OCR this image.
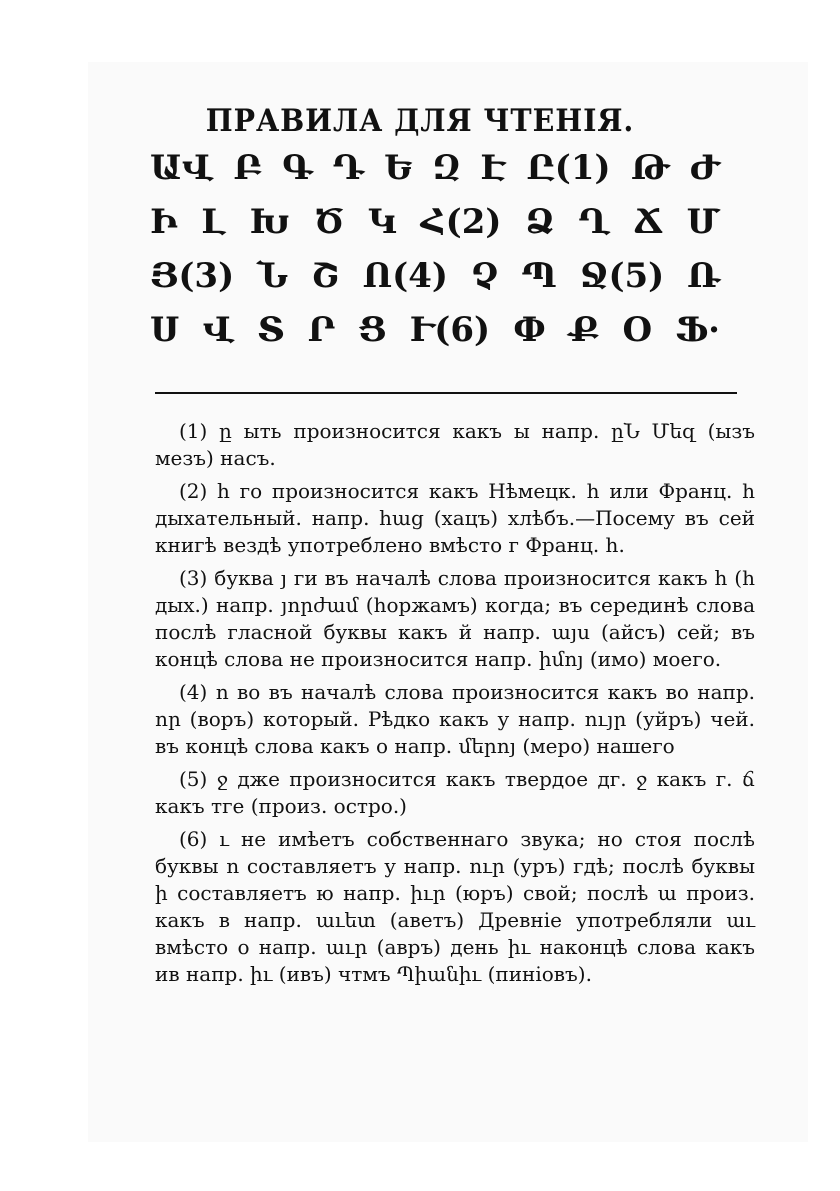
ПРАВИЛА ДЛЯ ЧТЕНІЯ.
ԱՎ Բ Գ Դ Ե Զ Է Ը(1) Թ Ժ
Ի Լ Խ Ծ Կ Հ(2) Ձ Ղ Ճ Մ
Յ(3) Ն Շ Ո(4) Չ Պ Ջ(5) Ռ
Ս Վ Տ Ր Ց Ւ(6) Փ Ք Օ Ֆ·

(1) ը ыть произносится какъ ы напр. ըՆ Մեզ (ызъ мезъ) насъ.

(2) հ го произносится какъ Нѣмецк. h или Франц. h дыхательный. напр. հաց (хацъ) хлѣбъ.—Посему въ сей книгѣ вездѣ употреблено вмѣсто г Франц. h.

(3) буква յ ги въ началѣ слова произносится какъ հ (h дых.) напр. յորժամ (hоржамъ) когда; въ серединѣ слова послѣ гласной буквы какъ й напр. այս (айсъ) сей; въ концѣ слова не произносится напр. իմոյ (имо) моего.

(4) ո во въ началѣ слова произносится какъ во напр. որ (воръ) который. Рѣдко какъ у напр. ույր (уйръ) чей. въ концѣ слова какъ о напр. մերոյ (меро) нашего

(5) ջ дже произносится какъ твердое дг. ջ какъ г. ճ какъ тге (произ. остро.)

(6) ւ не имѣетъ собственнаго звука; но стоя послѣ буквы ո составляетъ у напр. ուր (уръ) гдѣ; послѣ буквы ի составляетъ ю напр. իւր (юръ) свой; послѣ ա произ. какъ в напр. աւետ (аветъ) Древніе употребляли աւ вмѣсто о напр. աւր (авръ) день իւ наконцѣ слова какъ ив напр. իւ (ивъ) чтмъ Պիանիւ (пиніовъ).
